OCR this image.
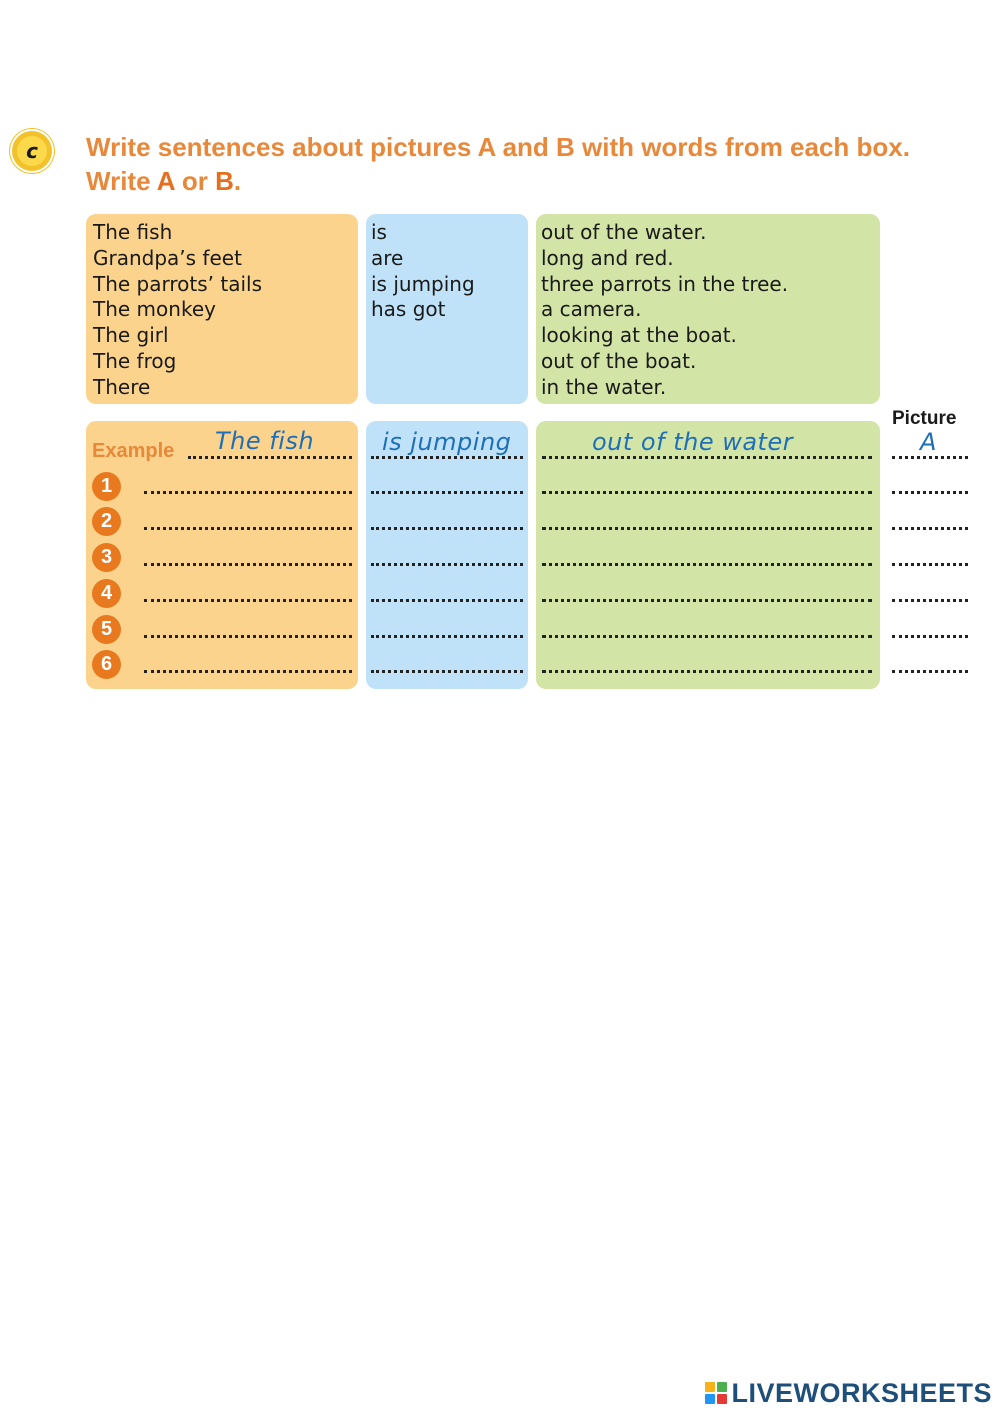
c	Write sentences about pictures A and B with words from each box. Write A or B.

The fish
Grandpa’s feet
The parrots’ tails
The monkey
The girl
The frog
There
is
are
is jumping
has got
out of the water.
long and red.
three parrots in the tree.
a camera.
looking at the boat.
out of the boat.
in the water.
Picture
Example The fish	is jumping	out of the water	A
1
2
3
4
5
6
LIVEWORKSHEETS
